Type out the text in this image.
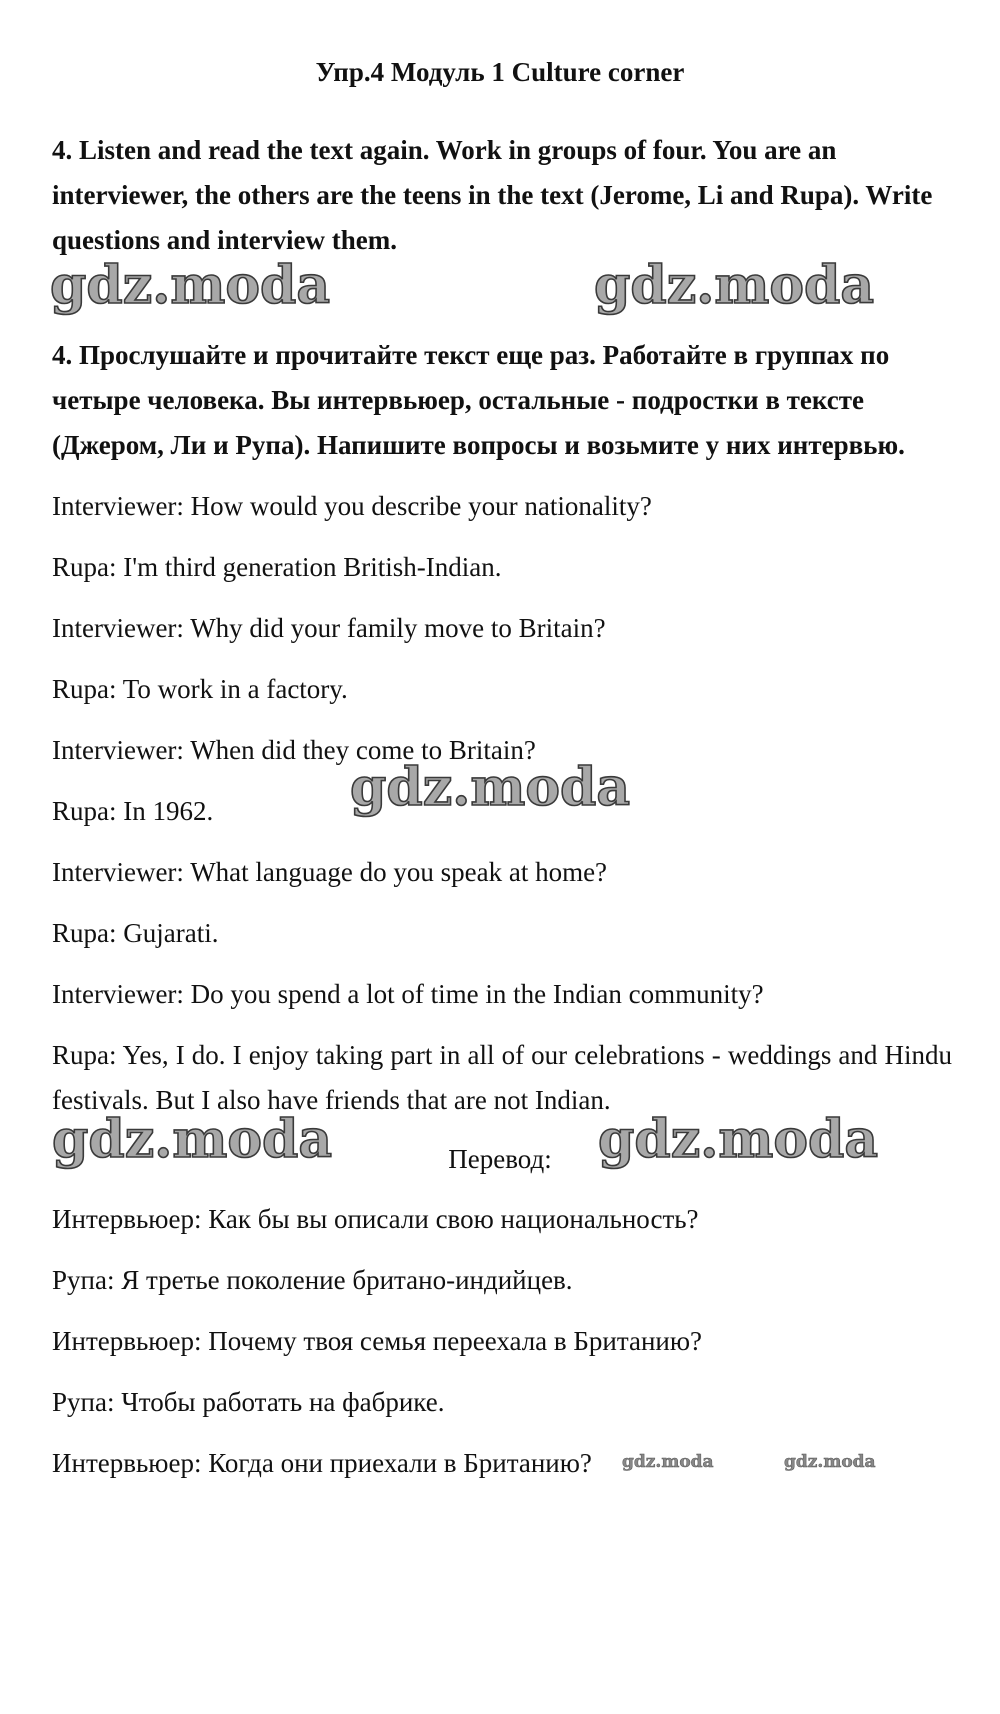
Упр.4 Модуль 1 Culture corner

4. Listen and read the text again. Work in groups of four. You are an interviewer, the others are the teens in the text (Jerome, Li and Rupa). Write questions and interview them.

gdz.moda	gdz.moda

4. Прослушайте и прочитайте текст еще раз. Работайте в группах по четыре человека. Вы интервьюер, остальные - подростки в тексте (Джером, Ли и Рупа). Напишите вопросы и возьмите у них интервью.

Interviewer: How would you describe your nationality?

Rupa: I'm third generation British-Indian.

Interviewer: Why did your family move to Britain?

Rupa: To work in a factory.

Interviewer: When did they come to Britain?

gdz.moda

Rupa: In 1962.

Interviewer: What language do you speak at home?

Rupa: Gujarati.

Interviewer: Do you spend a lot of time in the Indian community?

Rupa: Yes, I do. I enjoy taking part in all of our celebrations - weddings and Hindu festivals. But I also have friends that are not Indian.

gdz.moda	gdz.moda
Перевод:

Интервьюер: Как бы вы описали свою национальность?

Рупа: Я третье поколение британо-индийцев.

Интервьюер: Почему твоя семья переехала в Британию?

Рупа: Чтобы работать на фабрике.

Интервьюер: Когда они приехали в Британию? gdz.moda	gdz.moda
